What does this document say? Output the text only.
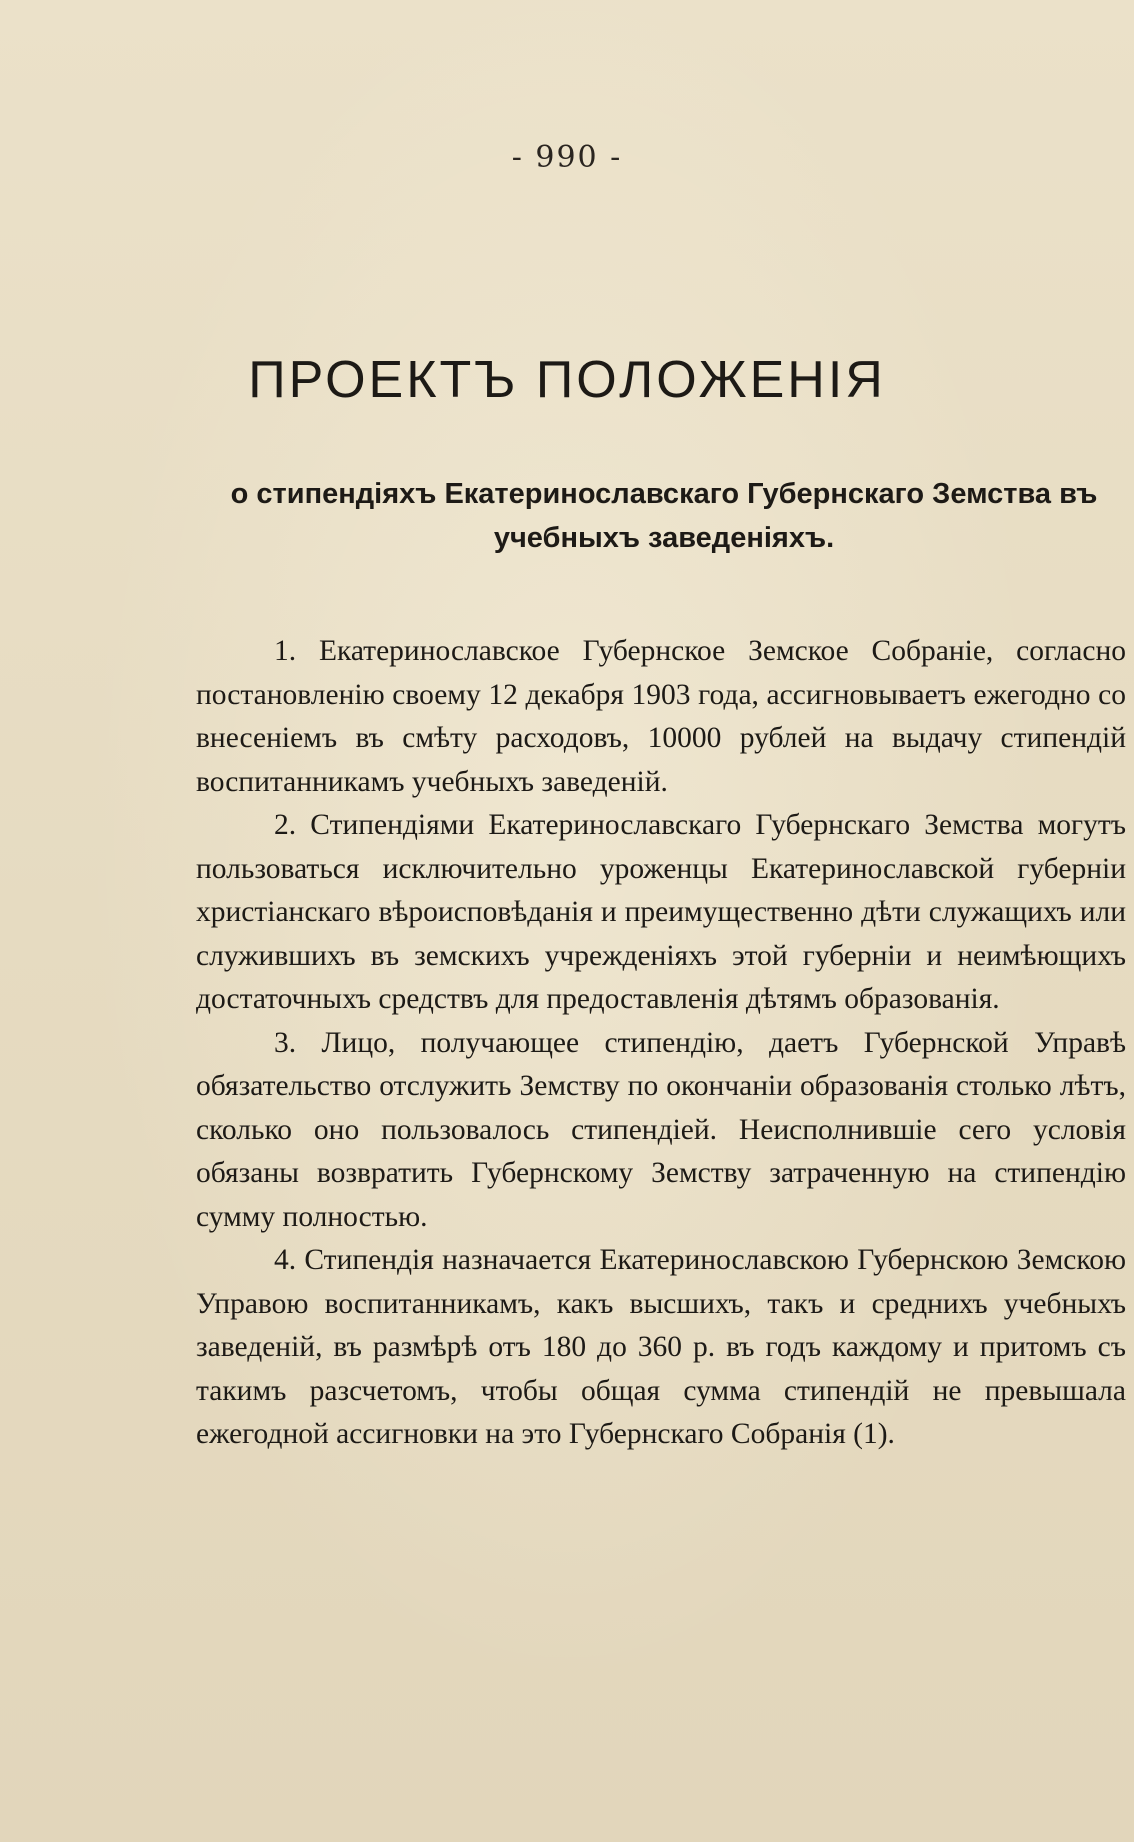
- 990 -
ПРОЕКТЪ ПОЛОЖЕНІЯ
о стипендіяхъ Екатеринославскаго Губернскаго Земства въ учебныхъ заведеніяхъ.

1. Екатеринославское Губернское Земское Собраніе, согласно постановленію своему 12 декабря 1903 года, ассигновываетъ ежегодно со внесеніемъ въ смѣту расходовъ, 10000 рублей на выдачу стипендій воспитанникамъ учебныхъ заведеній.

2. Стипендіями Екатеринославскаго Губернскаго Земства могутъ пользоваться исключительно уроженцы Екатеринославской губерніи христіанскаго вѣроисповѣданія и преимущественно дѣти служащихъ или служившихъ въ земскихъ учрежденіяхъ этой губерніи и неимѣющихъ достаточныхъ средствъ для предоставленія дѣтямъ образованія.

3. Лицо, получающее стипендію, даетъ Губернской Управѣ обязательство отслужить Земству по окончаніи образованія столько лѣтъ, сколько оно пользовалось стипендіей. Неисполнившіе сего условія обязаны возвратить Губернскому Земству затраченную на стипендію сумму полностью.

4. Стипендія назначается Екатеринославскою Губернскою Земскою Управою воспитанникамъ, какъ высшихъ, такъ и среднихъ учебныхъ заведеній, въ размѣрѣ отъ 180 до 360 р. въ годъ каждому и притомъ съ такимъ разсчетомъ, чтобы общая сумма стипендій не превышала ежегодной ассигновки на это Губернскаго Собранія (1).
